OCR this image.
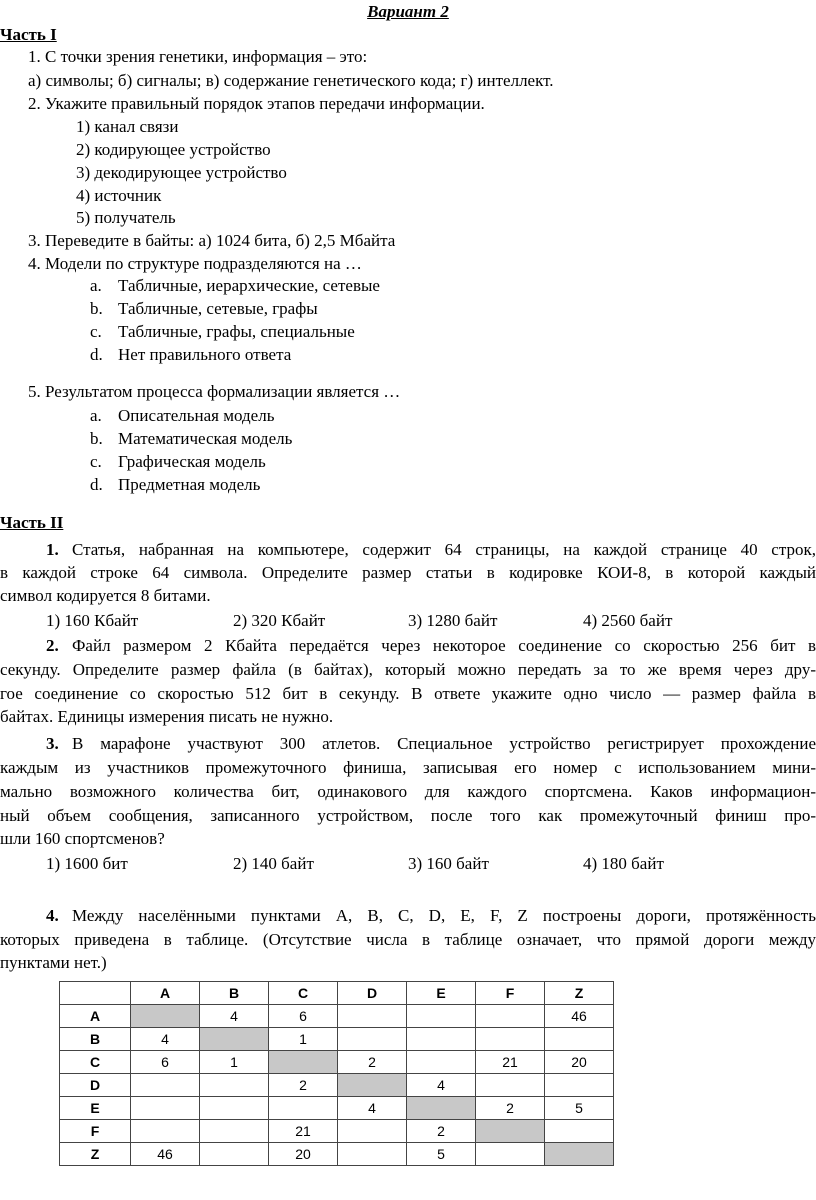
Вариант 2
Часть I
1. С точки зрения генетики, информация – это:
а) символы; б) сигналы; в) содержание генетического кода; г) интеллект.
2. Укажите правильный порядок этапов передачи информации.
1) канал связи
2) кодирующее устройство
3) декодирующее устройство
4) источник
5) получатель
3. Переведите в байты: а) 1024 бита, б) 2,5 Мбайта
4. Модели по структуре подразделяются на …
a. Табличные, иерархические, сетевые
b. Табличные, сетевые, графы
c. Табличные, графы, специальные
d. Нет правильного ответа
5. Результатом процесса формализации является …
a. Описательная модель
b. Математическая модель
c. Графическая модель
d. Предметная модель
Часть II
1. Статья, набранная на компьютере, содержит 64 страницы, на каждой странице 40 строк,
в каждой строке 64 символа. Определите размер статьи в кодировке КОИ-8, в которой каждый
символ кодируется 8 битами.
1) 160 Кбайт	2) 320 Кбайт	3) 1280 байт	4) 2560 байт
2. Файл размером 2 Кбайта передаётся через некоторое соединение со скоростью 256 бит в
секунду. Определите размер файла (в байтах), который можно передать за то же время через дру-
гое соединение со скоростью 512 бит в секунду. В ответе укажите одно число — размер файла в
байтах. Единицы измерения писать не нужно.
3. В марафоне участвуют 300 атлетов. Специальное устройство регистрирует прохождение
каждым из участников промежуточного финиша, записывая его номер с использованием мини-
мально возможного количества бит, одинакового для каждого спортсмена. Каков информацион-
ный объем сообщения, записанного устройством, после того как промежуточный финиш про-
шли 160 спортсменов?
1) 1600 бит	2) 140 байт	3) 160 байт	4) 180 байт
4. Между населёнными пунктами A, B, C, D, E, F, Z построены дороги, протяжённость
которых приведена в таблице. (Отсутствие числа в таблице означает, что прямой дороги между
пунктами нет.)
	A	B	C	D	E	F	Z
A		4	6				46
B	4		1				
C	6	1		2		21	20
D			2		4		
E				4		2	5
F			21		2		
Z	46		20		5		
